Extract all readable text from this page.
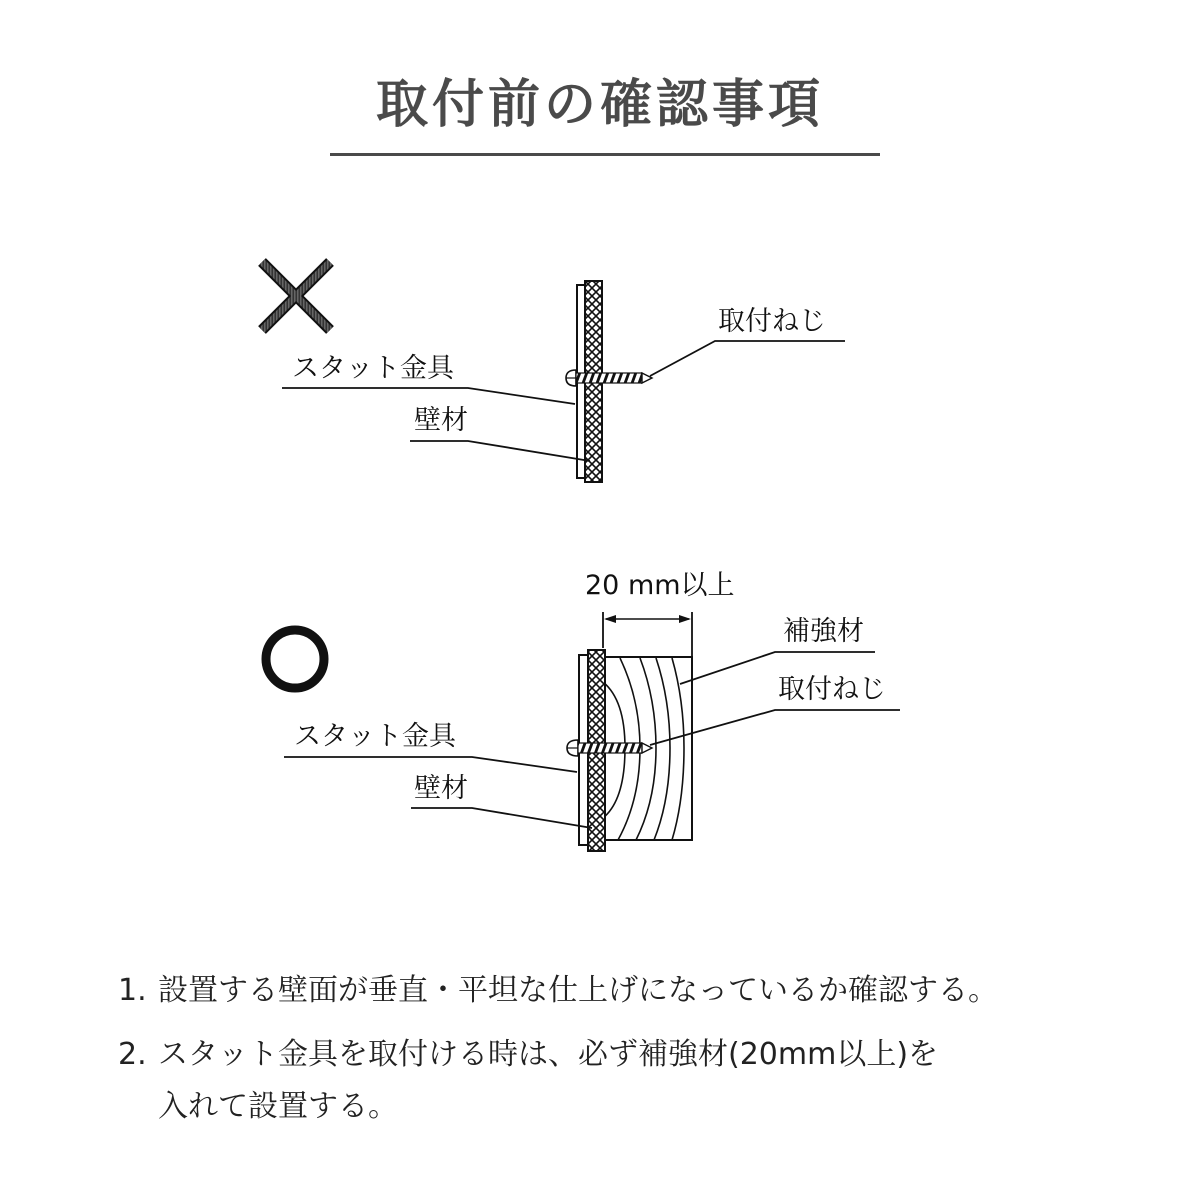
取付前の確認事項
取付ねじ
スタット金具
壁材
20 mm以上
補強材
取付ねじ
スタット金具
壁材
1. 設置する壁面が垂直・平坦な仕上げになっているか確認する。
2. スタット金具を取付ける時は、必ず補強材(20mm以上)を
入れて設置する。
